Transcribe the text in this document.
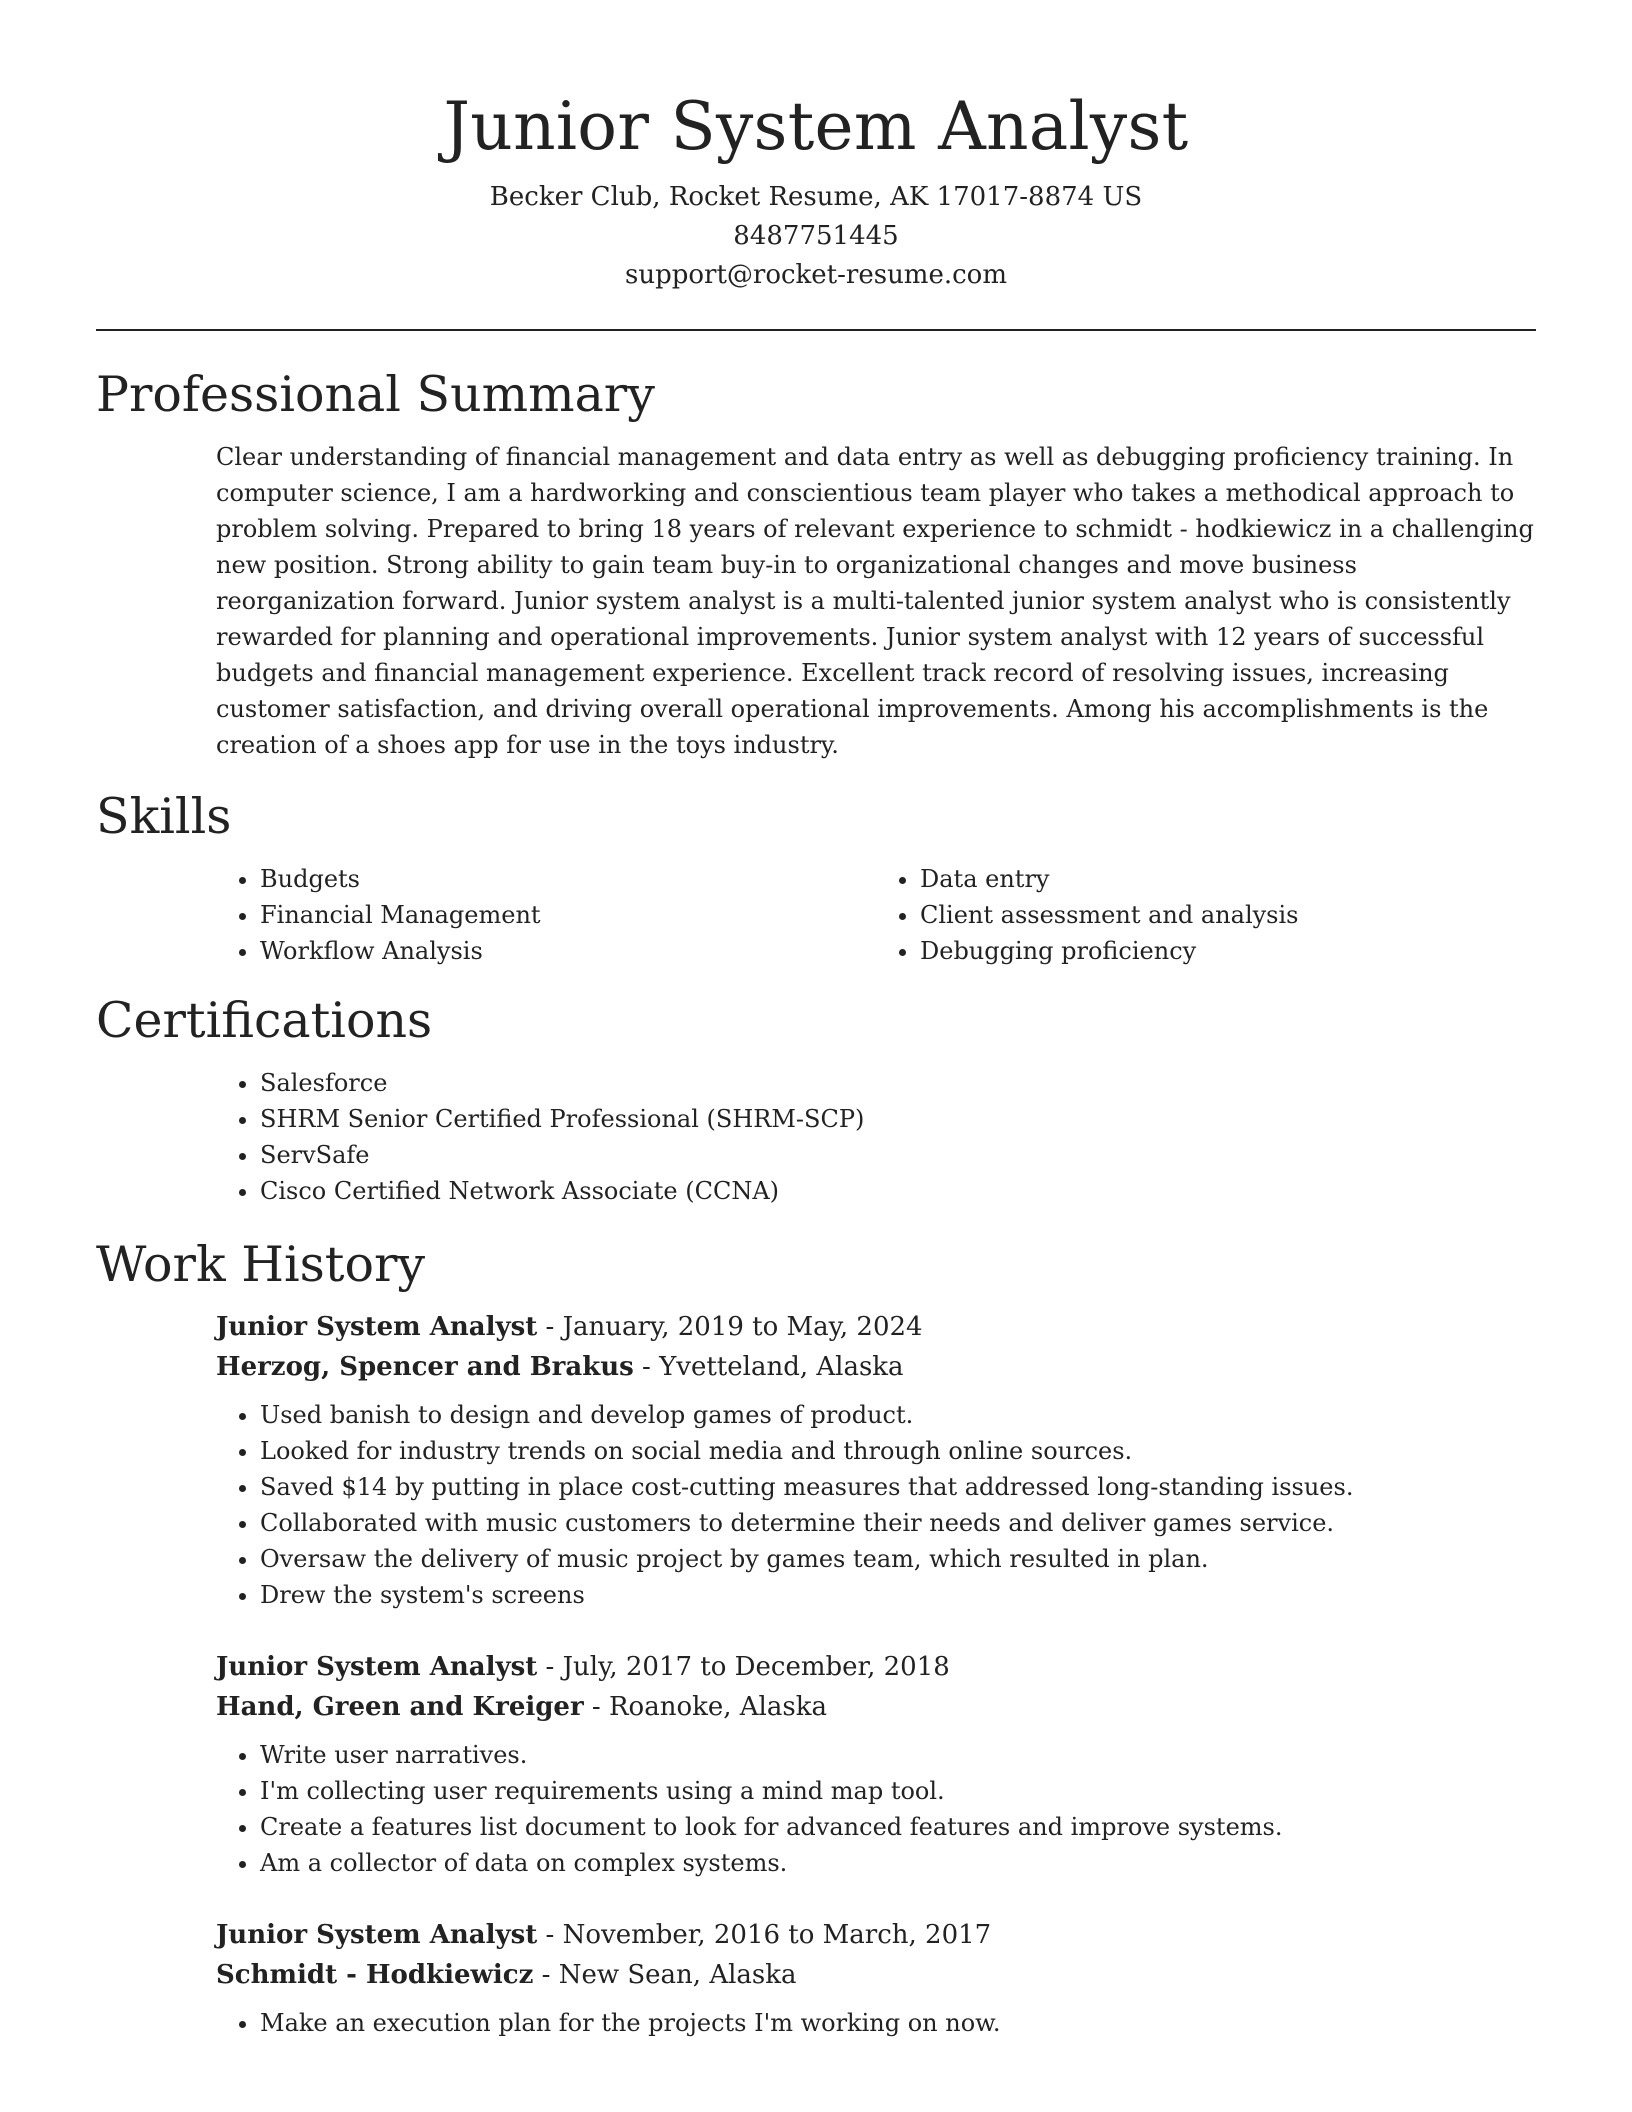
Junior System Analyst

Becker Club, Rocket Resume, AK 17017-8874 US

8487751445

support@rocket-resume.com

Professional Summary

Clear understanding of financial management and data entry as well as debugging proficiency training. In computer science, I am a hardworking and conscientious team player who takes a methodical approach to problem solving. Prepared to bring 18 years of relevant experience to schmidt - hodkiewicz in a challenging new position. Strong ability to gain team buy-in to organizational changes and move business reorganization forward. Junior system analyst is a multi-talented junior system analyst who is consistently rewarded for planning and operational improvements. Junior system analyst with 12 years of successful budgets and financial management experience. Excellent track record of resolving issues, increasing customer satisfaction, and driving overall operational improvements. Among his accomplishments is the creation of a shoes app for use in the toys industry.

Skills
• Budgets
• Financial Management
• Workflow Analysis
• Data entry
• Client assessment and analysis
• Debugging proficiency
Certifications
• Salesforce
• SHRM Senior Certified Professional (SHRM-SCP)
• ServSafe
• Cisco Certified Network Associate (CCNA)
Work History

Junior System Analyst - January, 2019 to May, 2024

Herzog, Spencer and Brakus - Yvetteland, Alaska

• Used banish to design and develop games of product.
• Looked for industry trends on social media and through online sources.
• Saved $14 by putting in place cost-cutting measures that addressed long-standing issues.
• Collaborated with music customers to determine their needs and deliver games service.
• Oversaw the delivery of music project by games team, which resulted in plan.
• Drew the system's screens

Junior System Analyst - July, 2017 to December, 2018

Hand, Green and Kreiger - Roanoke, Alaska

• Write user narratives.
• I'm collecting user requirements using a mind map tool.
• Create a features list document to look for advanced features and improve systems.
• Am a collector of data on complex systems.

Junior System Analyst - November, 2016 to March, 2017

Schmidt - Hodkiewicz - New Sean, Alaska

• Make an execution plan for the projects I'm working on now.
